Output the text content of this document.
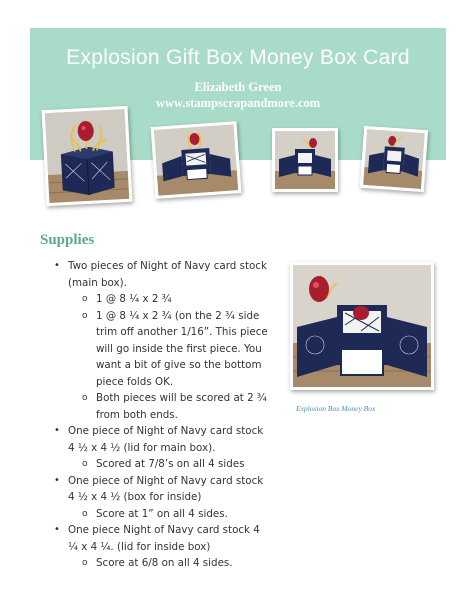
Explosion Gift Box Money Box Card
Elizabeth Green
www.stampscrapandmore.com
Supplies
• Two pieces of Night of Navy card stock (main box).
o 1 @ 8 ¼ x 2 ¾
o 1 @ 8 ¼ x 2 ¾ (on the 2 ¾ side trim off another 1/16”. This piece will go inside the first piece. You want a bit of give so the bottom piece folds OK.
o Both pieces will be scored at 2 ¾ from both ends.
• One piece of Night of Navy card stock 4 ½ x 4 ½ (lid for main box).
o Scored at 7/8’s on all 4 sides
• One piece of Night of Navy card stock 4 ½ x 4 ½ (box for inside)
o Score at 1” on all 4 sides.
• One piece Night of Navy card stock 4 ¼ x 4 ¼. (lid for inside box)
o Score at 6/8 on all 4 sides.
Explosion Box Money Box
